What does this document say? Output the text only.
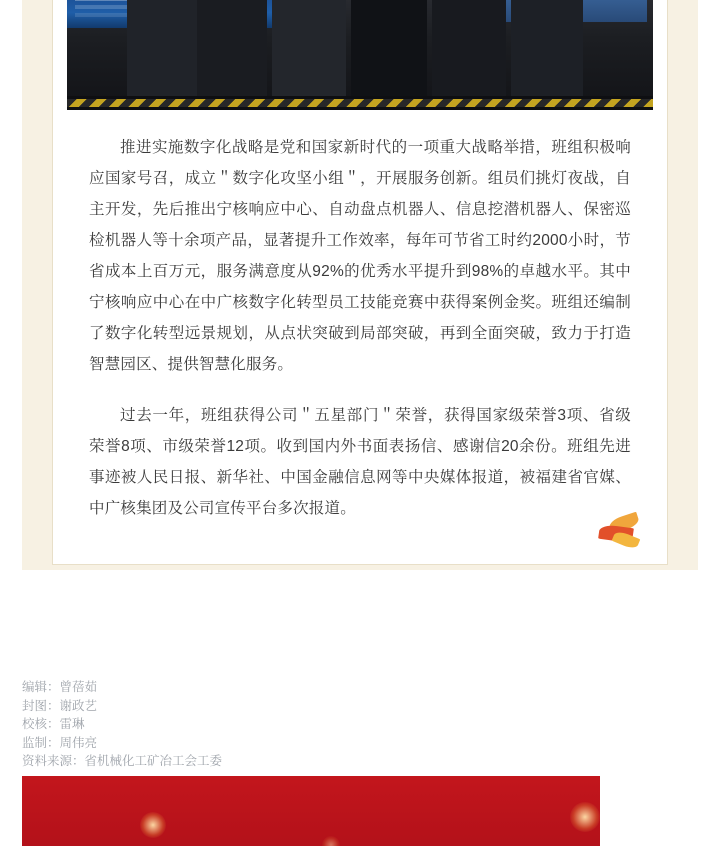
推进实施数字化战略是党和国家新时代的一项重大战略举措，班组积极响应国家号召，成立＂数字化攻坚小组＂，开展服务创新。组员们挑灯夜战，自主开发，先后推出宁核响应中心、自动盘点机器人、信息挖潜机器人、保密巡检机器人等十余项产品，显著提升工作效率，每年可节省工时约2000小时，节省成本上百万元，服务满意度从92%的优秀水平提升到98%的卓越水平。其中宁核响应中心在中广核数字化转型员工技能竞赛中获得案例金奖。班组还编制了数字化转型远景规划，从点状突破到局部突破，再到全面突破，致力于打造智慧园区、提供智慧化服务。

过去一年，班组获得公司＂五星部门＂荣誉，获得国家级荣誉3项、省级荣誉8项、市级荣誉12项。收到国内外书面表扬信、感谢信20余份。班组先进事迹被人民日报、新华社、中国金融信息网等中央媒体报道，被福建省官媒、中广核集团及公司宣传平台多次报道。

编辑：曾蓓茹
封图：谢政艺
校核：雷琳
监制：周伟亮
资料来源：省机械化工矿冶工会工委
